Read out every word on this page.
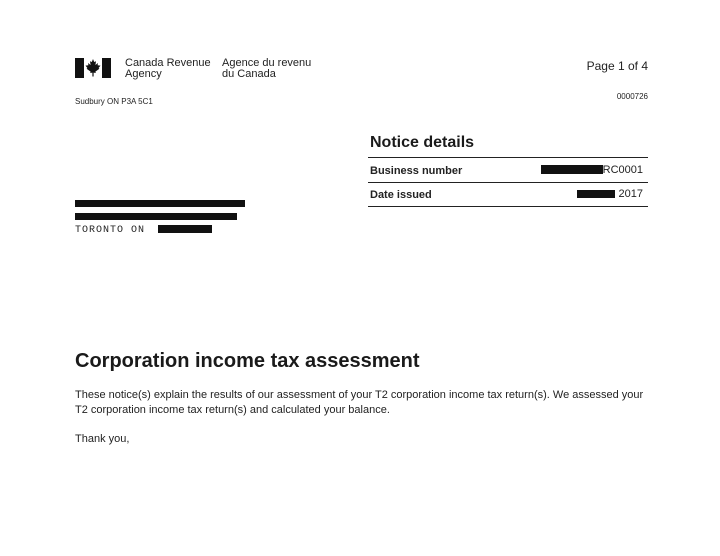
Canada Revenue
Agency
Agence du revenu
du Canada
Page 1 of 4
0000726
Sudbury ON P3A 5C1
Notice details
Business number	RC0001
Date issued	2017
TORONTO ON
Corporation income tax assessment
These notice(s) explain the results of our assessment of your T2 corporation income tax return(s). We assessed your T2 corporation income tax return(s) and calculated your balance.
Thank you,
